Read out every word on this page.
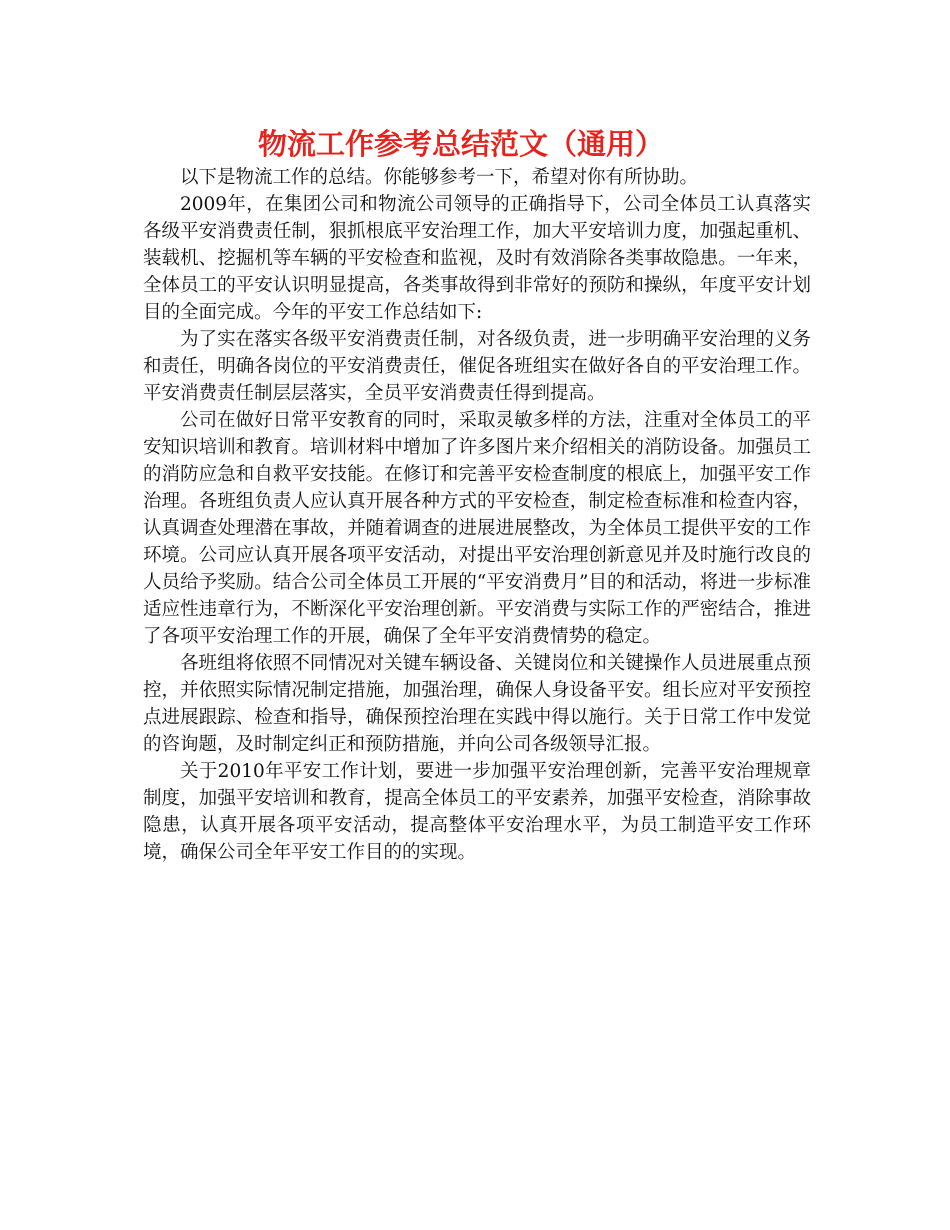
物流工作参考总结范文（通用）

以下是物流工作的总结。你能够参考一下，希望对你有所协助。

2009年，在集团公司和物流公司领导的正确指导下，公司全体员工认真落实各级平安消费责任制，狠抓根底平安治理工作，加大平安培训力度，加强起重机、装载机、挖掘机等车辆的平安检查和监视，及时有效消除各类事故隐患。一年来，全体员工的平安认识明显提高，各类事故得到非常好的预防和操纵，年度平安计划目的全面完成。今年的平安工作总结如下:

为了实在落实各级平安消费责任制，对各级负责，进一步明确平安治理的义务和责任，明确各岗位的平安消费责任，催促各班组实在做好各自的平安治理工作。平安消费责任制层层落实，全员平安消费责任得到提高。

公司在做好日常平安教育的同时，采取灵敏多样的方法，注重对全体员工的平安知识培训和教育。培训材料中增加了许多图片来介绍相关的消防设备。加强员工的消防应急和自救平安技能。在修订和完善平安检查制度的根底上，加强平安工作治理。各班组负责人应认真开展各种方式的平安检查，制定检查标准和检查内容，认真调查处理潜在事故，并随着调查的进展进展整改，为全体员工提供平安的工作环境。公司应认真开展各项平安活动，对提出平安治理创新意见并及时施行改良的人员给予奖励。结合公司全体员工开展的“平安消费月”目的和活动，将进一步标准适应性违章行为，不断深化平安治理创新。平安消费与实际工作的严密结合，推进了各项平安治理工作的开展，确保了全年平安消费情势的稳定。

各班组将依照不同情况对关键车辆设备、关键岗位和关键操作人员进展重点预控，并依照实际情况制定措施，加强治理，确保人身设备平安。组长应对平安预控点进展跟踪、检查和指导，确保预控治理在实践中得以施行。关于日常工作中发觉的咨询题，及时制定纠正和预防措施，并向公司各级领导汇报。

关于2010年平安工作计划，要进一步加强平安治理创新，完善平安治理规章制度，加强平安培训和教育，提高全体员工的平安素养，加强平安检查，消除事故隐患，认真开展各项平安活动，提高整体平安治理水平，为员工制造平安工作环境，确保公司全年平安工作目的的实现。
